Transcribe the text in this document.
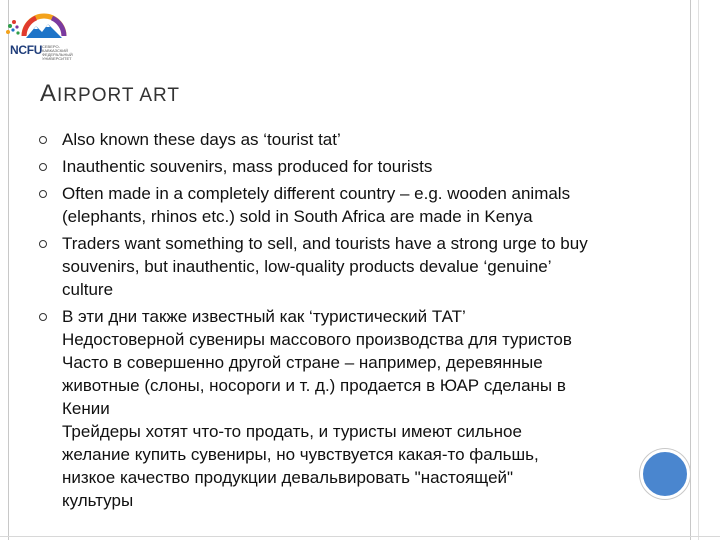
NCFU СЕВЕРО-КАВКАЗСКИЙ ФЕДЕРАЛЬНЫЙ УНИВЕРСИТЕТ
AIRPORT ART
Also known these days as ‘tourist tat’
Inauthentic souvenirs, mass produced for tourists
Often made in a completely different country – e.g. wooden animals
(elephants, rhinos etc.) sold in South Africa are made in Kenya
Traders want something to sell, and tourists have a strong urge to buy
souvenirs, but inauthentic, low-quality products devalue ‘genuine’
culture
В эти дни также известный как ‘туристический ТАТ’
Недостоверной сувениры массового производства для туристов
Часто в совершенно другой стране – например, деревянные
животные (слоны, носороги и т. д.) продается в ЮАР сделаны в
Кении
Трейдеры хотят что-то продать, и туристы имеют сильное
желание купить сувениры, но чувствуется какая-то фальшь,
низкое качество продукции девальвировать "настоящей"
культуры
